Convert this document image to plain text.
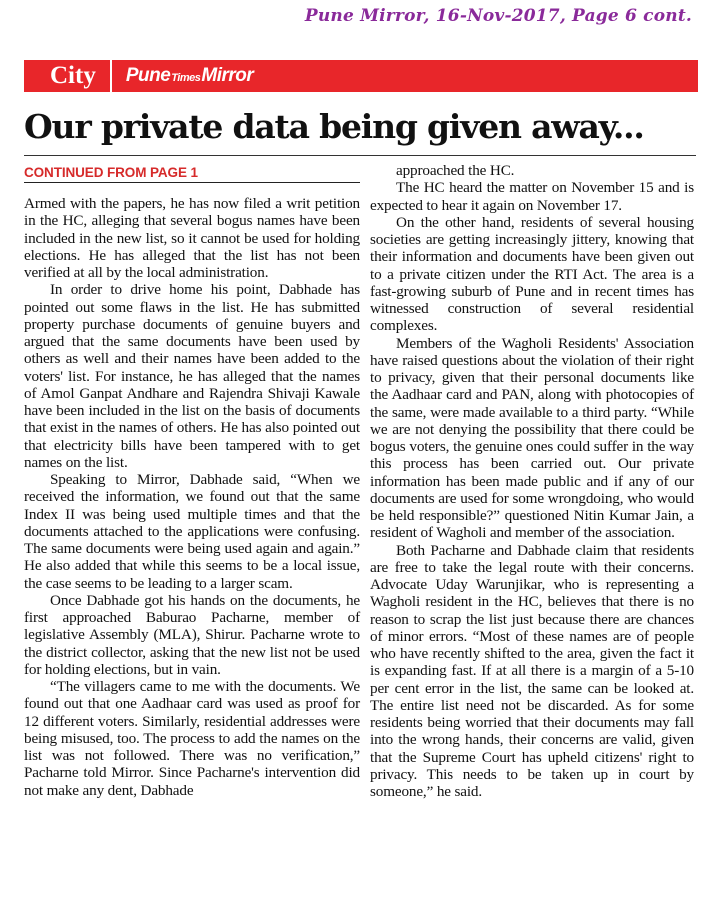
Pune Mirror, 16-Nov-2017, Page 6 cont.
City	Pune Times Mirror
Our private data being given away...
CONTINUED FROM PAGE 1

Armed with the papers, he has now filed a writ petition in the HC, alleging that several bogus names have been included in the new list, so it cannot be used for holding elections. He has alleged that the list has not been verified at all by the local administration.

In order to drive home his point, Dabhade has pointed out some flaws in the list. He has submitted property purchase documents of genuine buyers and argued that the same documents have been used by others as well and their names have been added to the voters' list. For instance, he has alleged that the names of Amol Ganpat Andhare and Rajendra Shivaji Kawale have been included in the list on the basis of documents that exist in the names of others. He has also pointed out that electricity bills have been tampered with to get names on the list.

Speaking to Mirror, Dabhade said, “When we received the information, we found out that the same Index II was being used multiple times and that the documents attached to the applications were confusing. The same documents were being used again and again.” He also added that while this seems to be a local issue, the case seems to be leading to a larger scam.

Once Dabhade got his hands on the documents, he first approached Baburao Pacharne, member of legislative Assembly (MLA), Shirur. Pacharne wrote to the district collector, asking that the new list not be used for holding elections, but in vain.

“The villagers came to me with the documents. We found out that one Aadhaar card was used as proof for 12 different voters. Similarly, residential addresses were being misused, too. The process to add the names on the list was not followed. There was no verification,” Pacharne told Mirror. Since Pacharne's intervention did not make any dent, Dabhade

approached the HC.

The HC heard the matter on November 15 and is expected to hear it again on November 17.

On the other hand, residents of several housing societies are getting increasingly jittery, knowing that their information and documents have been given out to a private citizen under the RTI Act. The area is a fast-growing suburb of Pune and in recent times has witnessed construction of several residential complexes.

Members of the Wagholi Residents' Association have raised questions about the violation of their right to privacy, given that their personal documents like the Aadhaar card and PAN, along with photocopies of the same, were made available to a third party. “While we are not denying the possibility that there could be bogus voters, the genuine ones could suffer in the way this process has been carried out. Our private information has been made public and if any of our documents are used for some wrongdoing, who would be held responsible?” questioned Nitin Kumar Jain, a resident of Wagholi and member of the association.

Both Pacharne and Dabhade claim that residents are free to take the legal route with their concerns. Advocate Uday Warunjikar, who is representing a Wagholi resident in the HC, believes that there is no reason to scrap the list just because there are chances of minor errors. “Most of these names are of people who have recently shifted to the area, given the fact it is expanding fast. If at all there is a margin of a 5-10 per cent error in the list, the same can be looked at. The entire list need not be discarded. As for some residents being worried that their documents may fall into the wrong hands, their concerns are valid, given that the Supreme Court has upheld citizens' right to privacy. This needs to be taken up in court by someone,” he said.
